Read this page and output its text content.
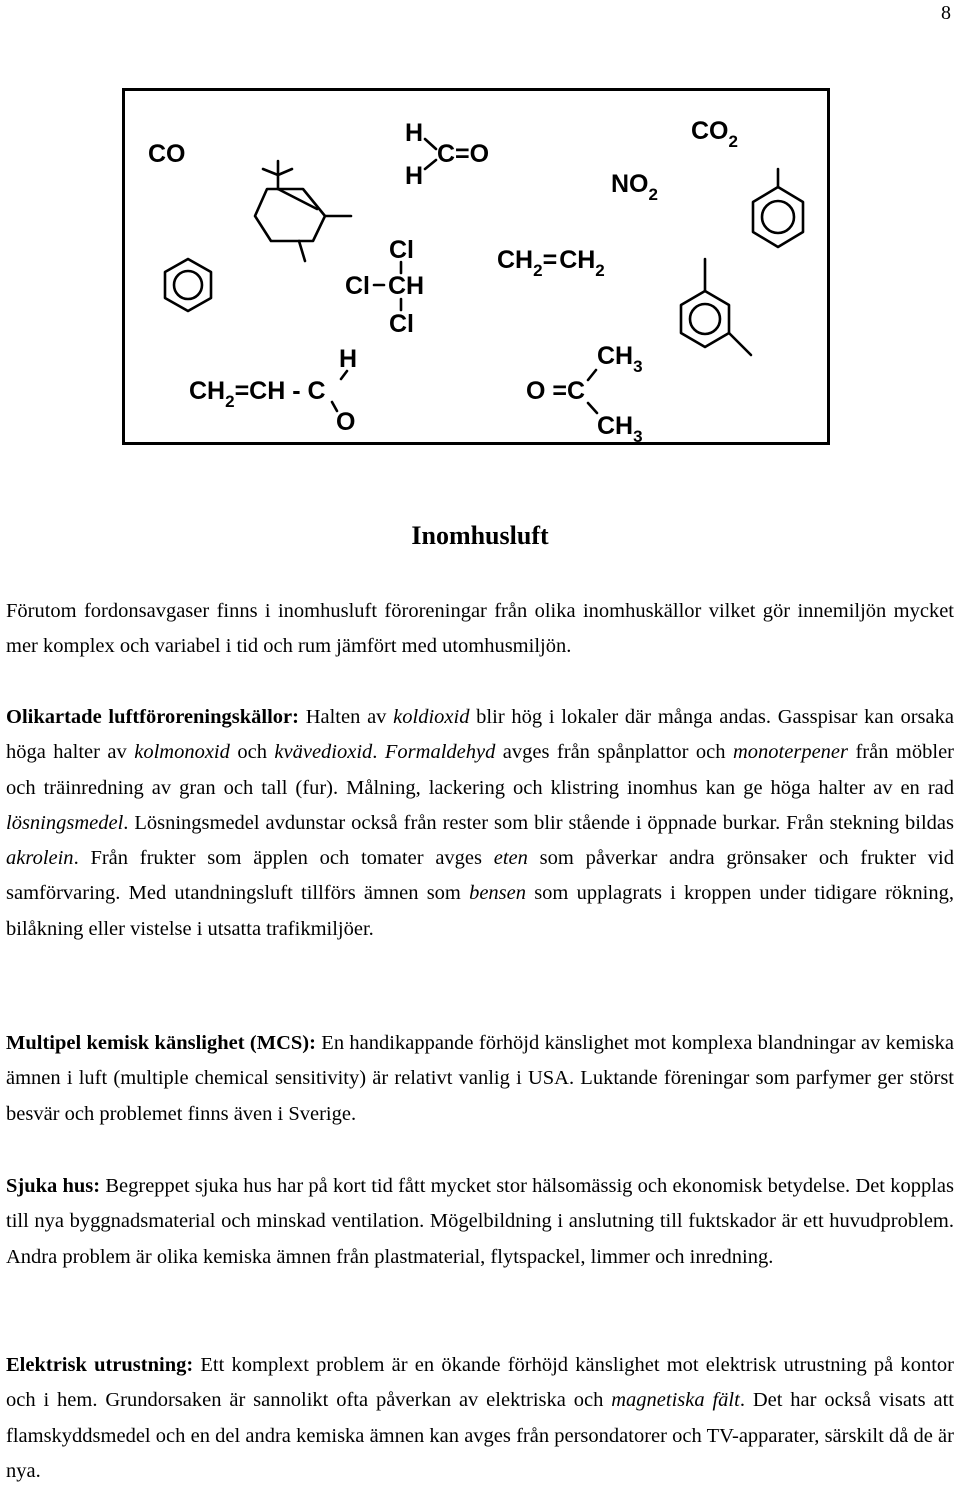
8
CO
$CO_2$
$NO_2$
H
H
C=O
Cl
Cl CH
Cl
$CH_2=CH_2$
H
$CH_2=CH - C$
O
$CH_3$
O =C
$CH_3$
Inomhusluft

Förutom fordonsavgaser finns i inomhusluft föroreningar från olika inomhuskällor vilket gör innemiljön mycket mer komplex och variabel i tid och rum jämfört med utomhusmiljön.

Olikartade luftföroreningskällor: Halten av koldioxid blir hög i lokaler där många andas. Gasspisar kan orsaka höga halter av kolmonoxid och kvävedioxid. Formaldehyd avges från spånplattor och monoterpener från möbler och träinredning av gran och tall (fur). Målning, lackering och klistring inomhus kan ge höga halter av en rad lösningsmedel. Lösningsmedel avdunstar också från rester som blir stående i öppnade burkar. Från stekning bildas akrolein. Från frukter som äpplen och tomater avges eten som påverkar andra grönsaker och frukter vid samförvaring. Med utandningsluft tillförs ämnen som bensen som upplagrats i kroppen under tidigare rökning, bilåkning eller vistelse i utsatta trafikmiljöer.

Multipel kemisk känslighet (MCS): En handikappande förhöjd känslighet mot komplexa blandningar av kemiska ämnen i luft (multiple chemical sensitivity) är relativt vanlig i USA. Luktande föreningar som parfymer ger störst besvär och problemet finns även i Sverige.

Sjuka hus: Begreppet sjuka hus har på kort tid fått mycket stor hälsomässig och ekonomisk betydelse. Det kopplas till nya byggnadsmaterial och minskad ventilation. Mögelbildning i anslutning till fuktskador är ett huvudproblem. Andra problem är olika kemiska ämnen från plastmaterial, flytspackel, limmer och inredning.

Elektrisk utrustning: Ett komplext problem är en ökande förhöjd känslighet mot elektrisk utrustning på kontor och i hem. Grundorsaken är sannolikt ofta påverkan av elektriska och magnetiska fält. Det har också visats att flamskyddsmedel och en del andra kemiska ämnen kan avges från persondatorer och TV-apparater, särskilt då de är nya.
